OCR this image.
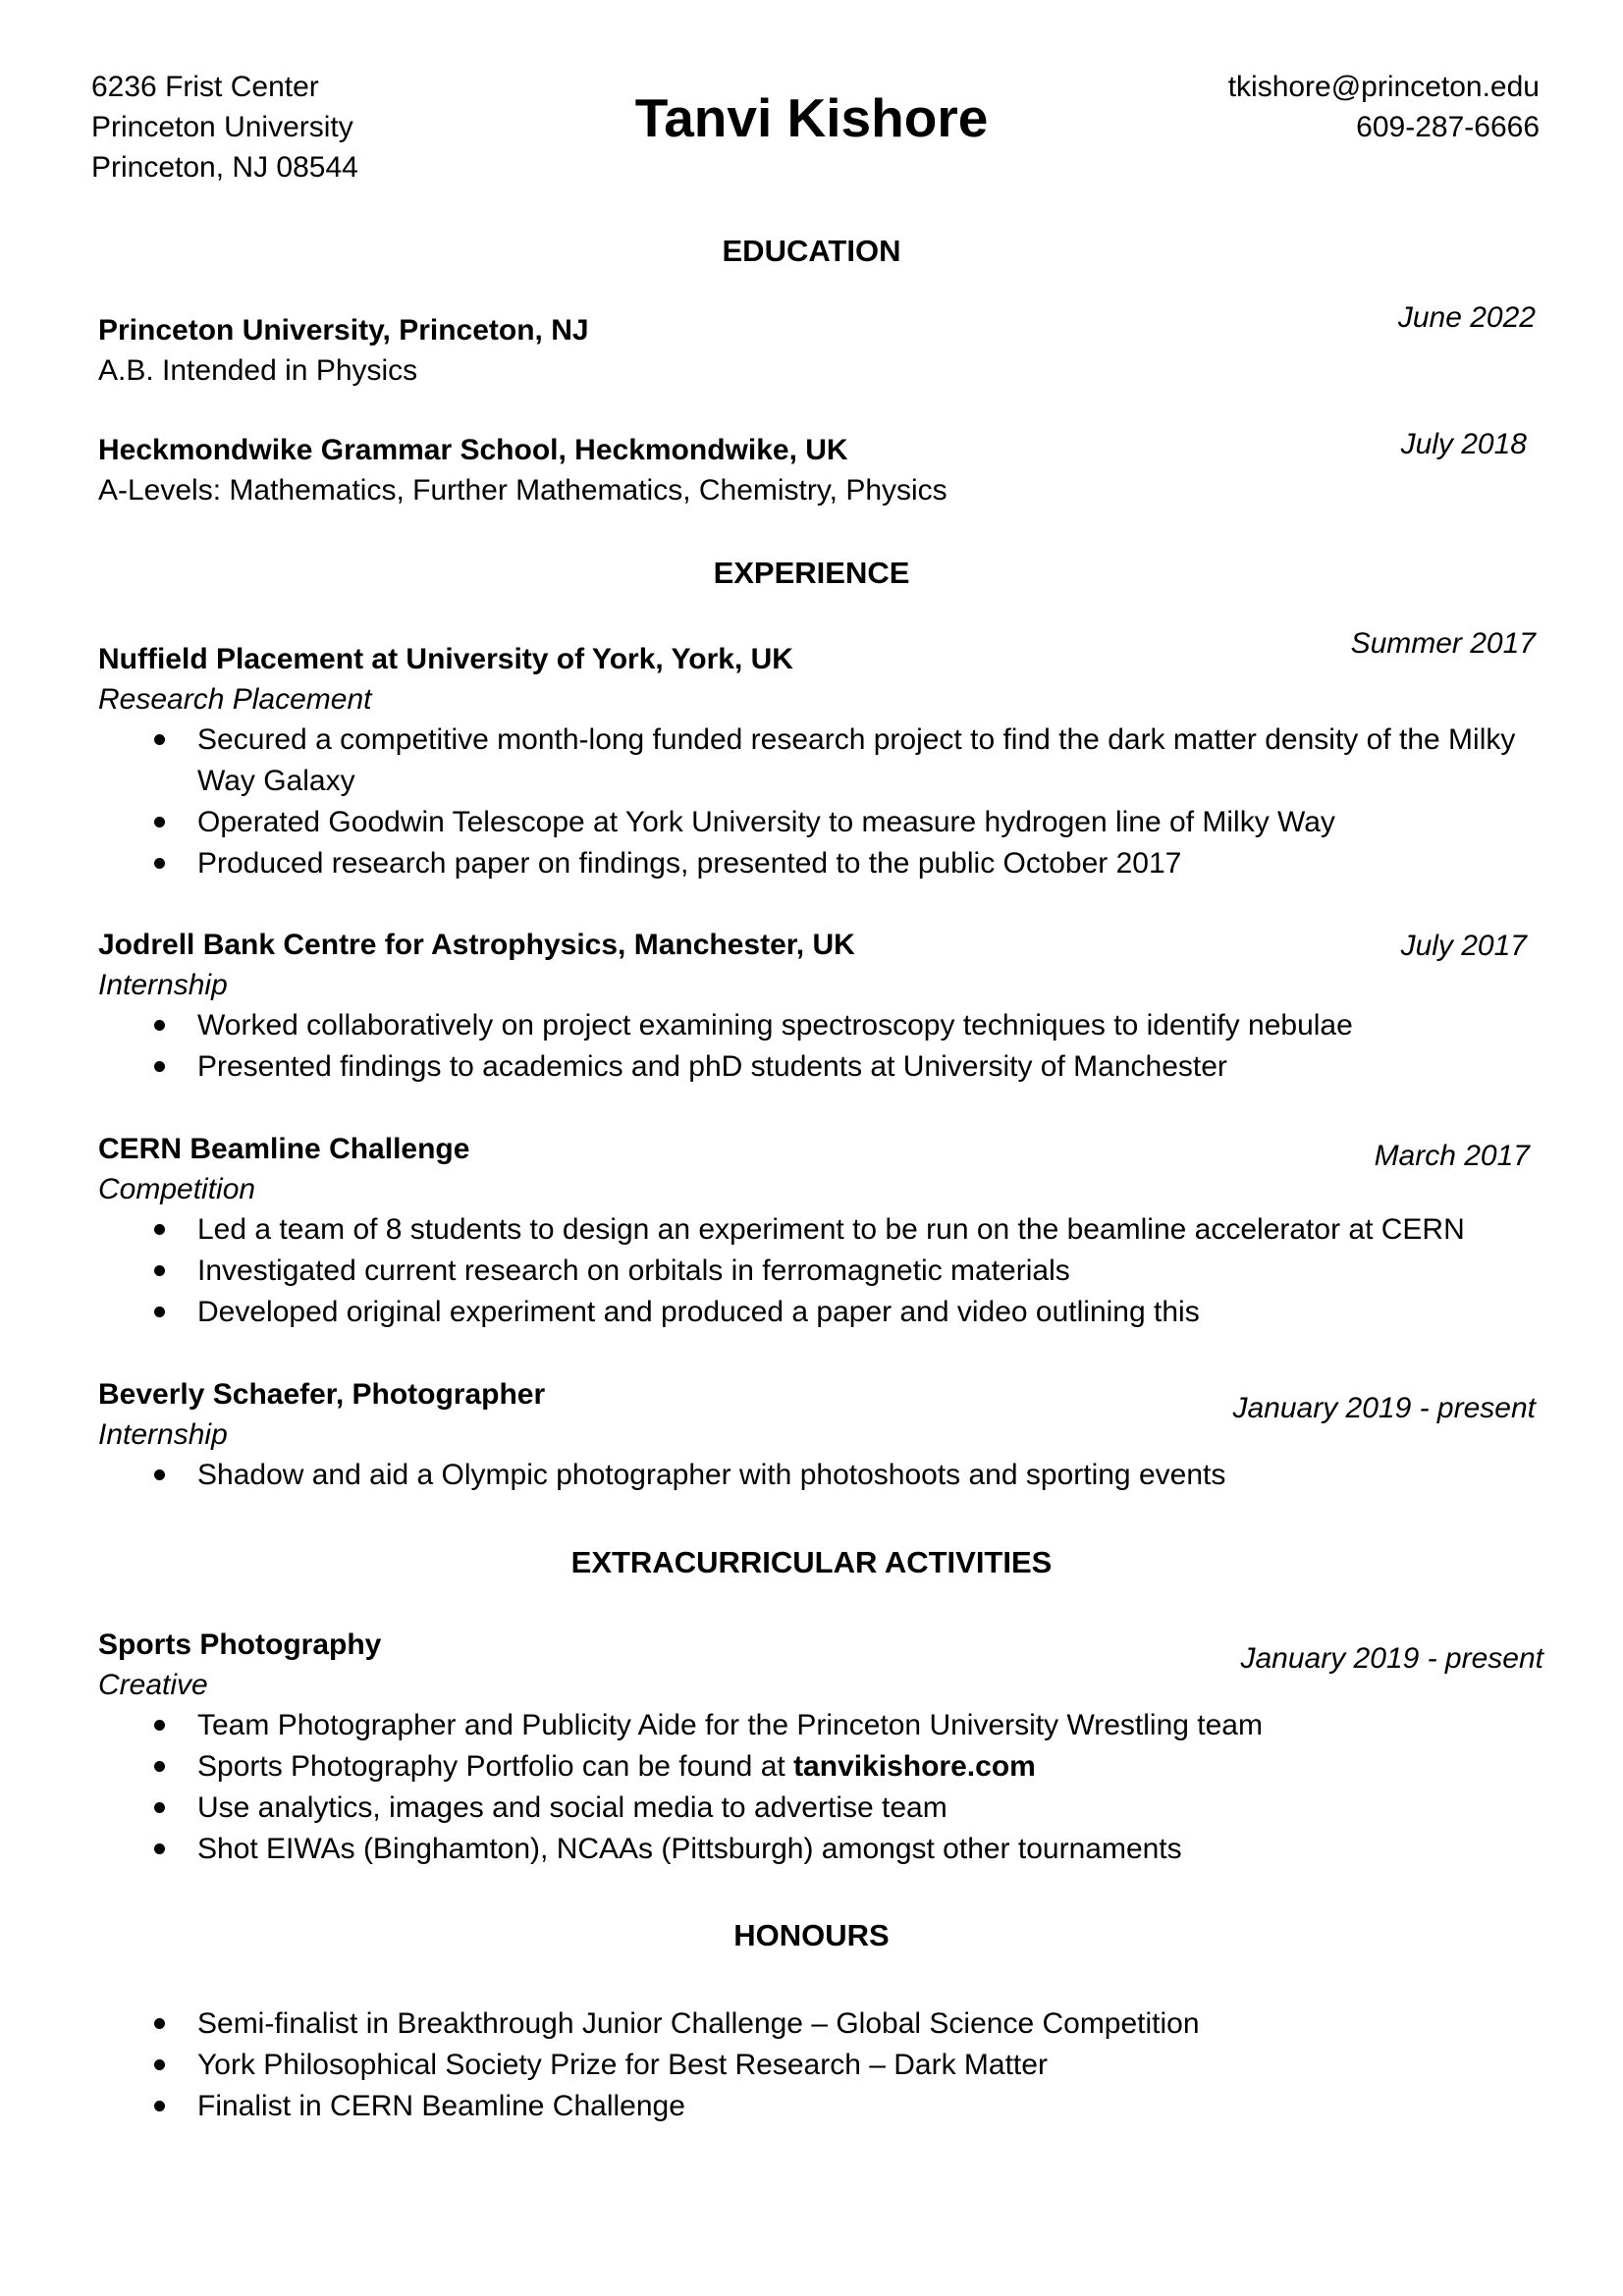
6236 Frist Center
Princeton University
Princeton, NJ 08544
Tanvi Kishore
tkishore@princeton.edu
609-287-6666
EDUCATION
Princeton University, Princeton, NJ
A.B. Intended in Physics
June 2022
Heckmondwike Grammar School, Heckmondwike, UK
A-Levels: Mathematics, Further Mathematics, Chemistry, Physics
July 2018
EXPERIENCE
Nuffield Placement at University of York, York, UK
Research Placement
Summer 2017
Secured a competitive month-long funded research project to find the dark matter density of the Milky Way Galaxy
Operated Goodwin Telescope at York University to measure hydrogen line of Milky Way
Produced research paper on findings, presented to the public October 2017
Jodrell Bank Centre for Astrophysics, Manchester, UK
Internship
July 2017
Worked collaboratively on project examining spectroscopy techniques to identify nebulae
Presented findings to academics and phD students at University of Manchester
CERN Beamline Challenge
Competition
March 2017
Led a team of 8 students to design an experiment to be run on the beamline accelerator at CERN
Investigated current research on orbitals in ferromagnetic materials
Developed original experiment and produced a paper and video outlining this
Beverly Schaefer, Photographer
Internship
January 2019 - present
Shadow and aid a Olympic photographer with photoshoots and sporting events
EXTRACURRICULAR ACTIVITIES
Sports Photography
Creative
January 2019 - present
Team Photographer and Publicity Aide for the Princeton University Wrestling team
Sports Photography Portfolio can be found at tanvikishore.com
Use analytics, images and social media to advertise team
Shot EIWAs (Binghamton), NCAAs (Pittsburgh) amongst other tournaments
HONOURS
Semi-finalist in Breakthrough Junior Challenge – Global Science Competition
York Philosophical Society Prize for Best Research – Dark Matter
Finalist in CERN Beamline Challenge
